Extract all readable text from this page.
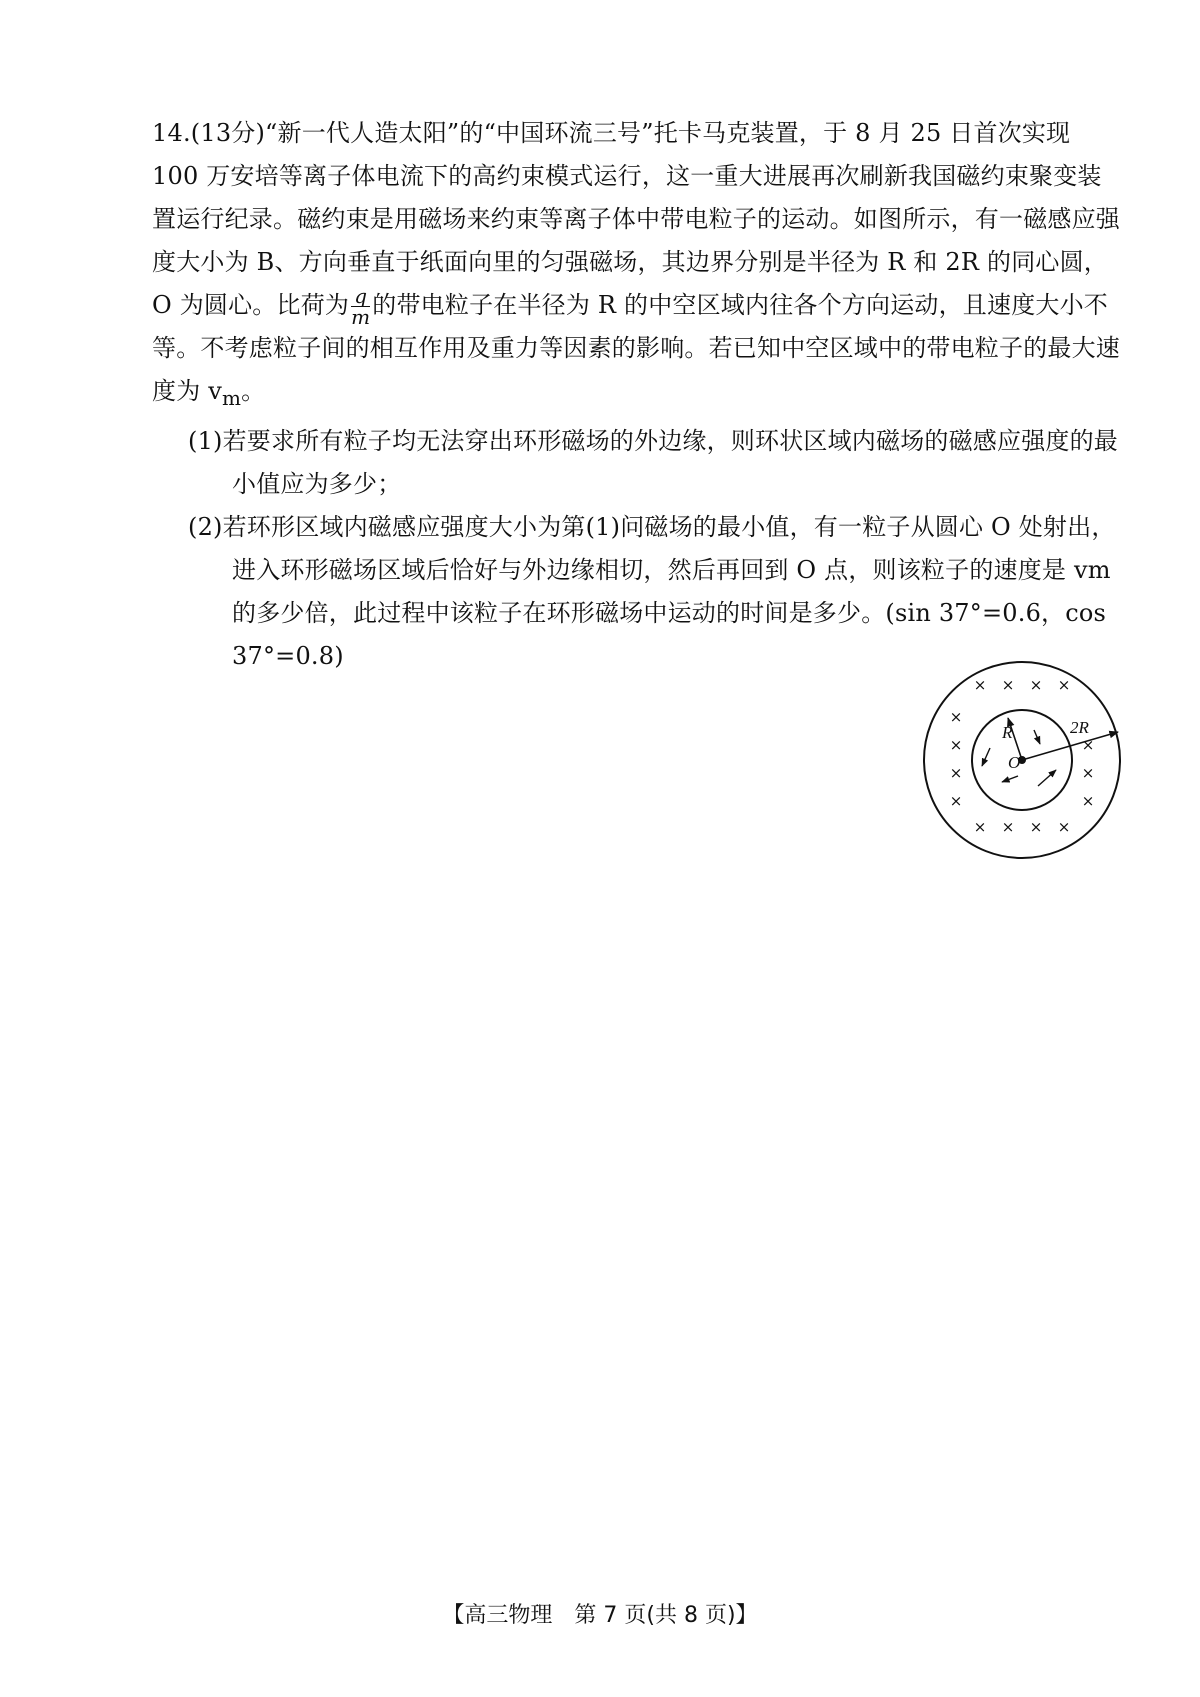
14.(13分)“新一代人造太阳”的“中国环流三号”托卡马克装置，于 8 月 25 日首次实现 100 万安培等离子体电流下的高约束模式运行，这一重大进展再次刷新我国磁约束聚变装置运行纪录。磁约束是用磁场来约束等离子体中带电粒子的运动。如图所示，有一磁感应强度大小为 B、方向垂直于纸面向里的匀强磁场，其边界分别是半径为 R 和 2R 的同心圆，O 为圆心。比荷为 $\frac{q}{m}$ 的带电粒子在半径为 R 的中空区域内往各个方向运动，且速度大小不等。不考虑粒子间的相互作用及重力等因素的影响。若已知中空区域中的带电粒子的最大速度为 $v_m$。
(1)若要求所有粒子均无法穿出环形磁场的外边缘，则环状区域内磁场的磁感应强度的最小值应为多少；
(2)若环形区域内磁感应强度大小为第(1)问磁场的最小值，有一粒子从圆心 O 处射出，进入环形磁场区域后恰好与外边缘相切，然后再回到 O 点，则该粒子的速度是 vm 的多少倍，此过程中该粒子在环形磁场中运动的时间是多少。(sin 37°=0.6，cos 37°=0.8)
× × × ×
×
×
×
×
×
×
×
× × × ×
R	2R
O
【高三物理　第 7 页(共 8 页)】
